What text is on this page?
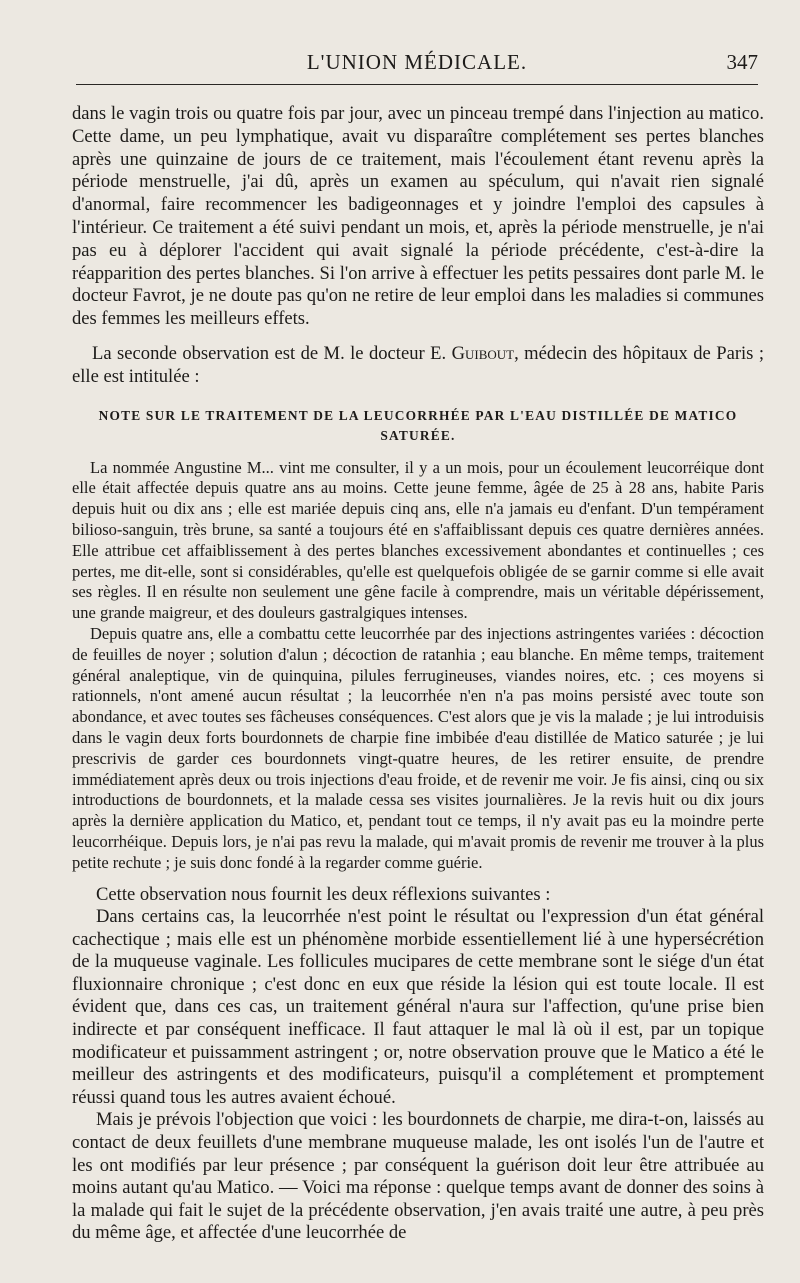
L'UNION MÉDICALE.	347

dans le vagin trois ou quatre fois par jour, avec un pinceau trempé dans l'injection au matico. Cette dame, un peu lymphatique, avait vu disparaître complétement ses pertes blanches après une quinzaine de jours de ce traitement, mais l'écoulement étant revenu après la période menstruelle, j'ai dû, après un examen au spéculum, qui n'avait rien signalé d'anormal, faire recommencer les badigeonnages et y joindre l'emploi des capsules à l'intérieur. Ce traitement a été suivi pendant un mois, et, après la période menstruelle, je n'ai pas eu à déplorer l'accident qui avait signalé la période précédente, c'est-à-dire la réapparition des pertes blanches. Si l'on arrive à effectuer les petits pessaires dont parle M. le docteur Favrot, je ne doute pas qu'on ne retire de leur emploi dans les maladies si communes des femmes les meilleurs effets.

La seconde observation est de M. le docteur E. Guibout, médecin des hôpitaux de Paris ; elle est intitulée :

NOTE SUR LE TRAITEMENT DE LA LEUCORRHÉE PAR L'EAU DISTILLÉE DE MATICO SATURÉE.

La nommée Angustine M... vint me consulter, il y a un mois, pour un écoulement leucorréique dont elle était affectée depuis quatre ans au moins. Cette jeune femme, âgée de 25 à 28 ans, habite Paris depuis huit ou dix ans ; elle est mariée depuis cinq ans, elle n'a jamais eu d'enfant. D'un tempérament bilioso-sanguin, très brune, sa santé a toujours été en s'affaiblissant depuis ces quatre dernières années. Elle attribue cet affaiblissement à des pertes blanches excessivement abondantes et continuelles ; ces pertes, me dit-elle, sont si considérables, qu'elle est quelquefois obligée de se garnir comme si elle avait ses règles. Il en résulte non seulement une gêne facile à comprendre, mais un véritable dépérissement, une grande maigreur, et des douleurs gastralgiques intenses.

Depuis quatre ans, elle a combattu cette leucorrhée par des injections astringentes variées : décoction de feuilles de noyer ; solution d'alun ; décoction de ratanhia ; eau blanche. En même temps, traitement général analeptique, vin de quinquina, pilules ferrugineuses, viandes noires, etc. ; ces moyens si rationnels, n'ont amené aucun résultat ; la leucorrhée n'en n'a pas moins persisté avec toute son abondance, et avec toutes ses fâcheuses conséquences. C'est alors que je vis la malade ; je lui introduisis dans le vagin deux forts bourdonnets de charpie fine imbibée d'eau distillée de Matico saturée ; je lui prescrivis de garder ces bourdonnets vingt-quatre heures, de les retirer ensuite, de prendre immédiatement après deux ou trois injections d'eau froide, et de revenir me voir. Je fis ainsi, cinq ou six introductions de bourdonnets, et la malade cessa ses visites journalières. Je la revis huit ou dix jours après la dernière application du Matico, et, pendant tout ce temps, il n'y avait pas eu la moindre perte leucorrhéique. Depuis lors, je n'ai pas revu la malade, qui m'avait promis de revenir me trouver à la plus petite rechute ; je suis donc fondé à la regarder comme guérie.

Cette observation nous fournit les deux réflexions suivantes :

Dans certains cas, la leucorrhée n'est point le résultat ou l'expression d'un état général cachectique ; mais elle est un phénomène morbide essentiellement lié à une hypersécrétion de la muqueuse vaginale. Les follicules mucipares de cette membrane sont le siége d'un état fluxionnaire chronique ; c'est donc en eux que réside la lésion qui est toute locale. Il est évident que, dans ces cas, un traitement général n'aura sur l'affection, qu'une prise bien indirecte et par conséquent inefficace. Il faut attaquer le mal là où il est, par un topique modificateur et puissamment astringent ; or, notre observation prouve que le Matico a été le meilleur des astringents et des modificateurs, puisqu'il a complétement et promptement réussi quand tous les autres avaient échoué.

Mais je prévois l'objection que voici : les bourdonnets de charpie, me dira-t-on, laissés au contact de deux feuillets d'une membrane muqueuse malade, les ont isolés l'un de l'autre et les ont modifiés par leur présence ; par conséquent la guérison doit leur être attribuée au moins autant qu'au Matico. — Voici ma réponse : quelque temps avant de donner des soins à la malade qui fait le sujet de la précédente observation, j'en avais traité une autre, à peu près du même âge, et affectée d'une leucorrhée de
